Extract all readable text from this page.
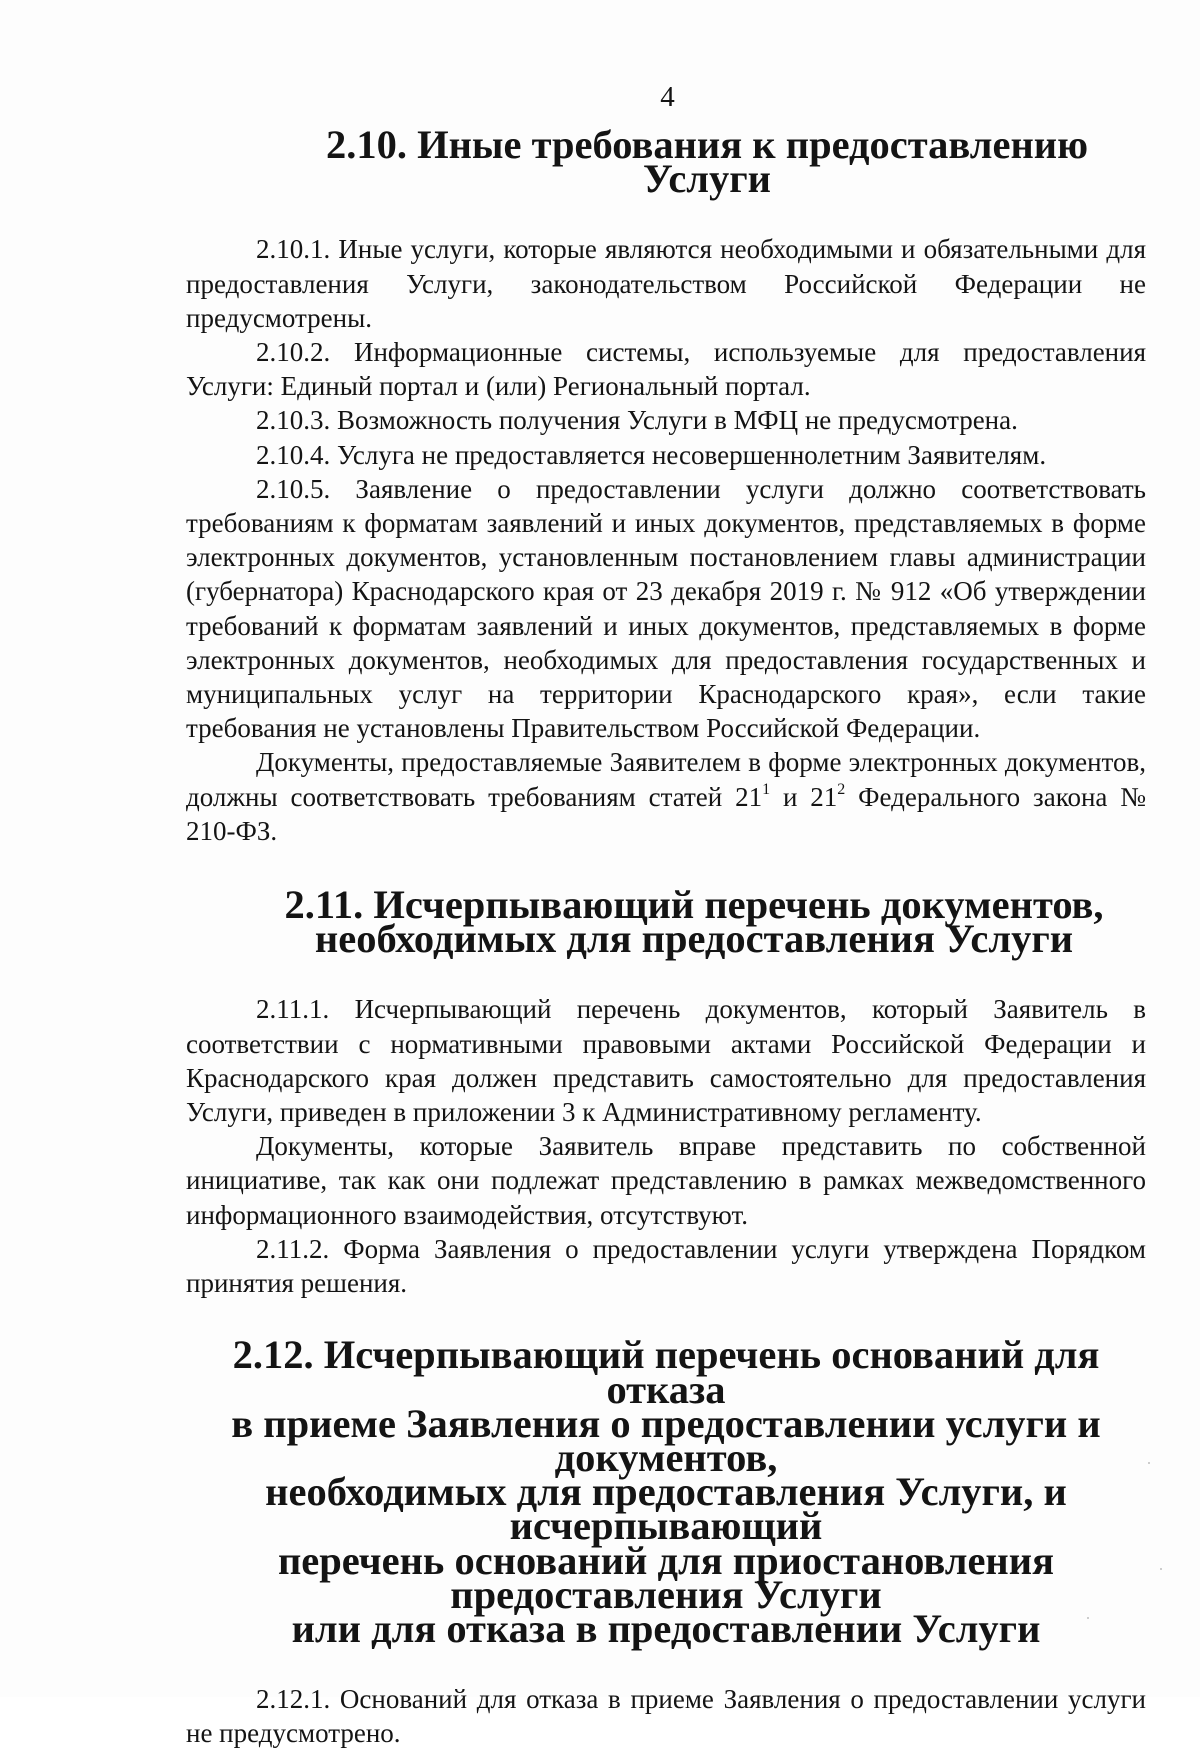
4
2.10. Иные требования к предоставлению Услуги

2.10.1. Иные услуги, которые являются необходимыми и обязательными для предоставления Услуги, законодательством Российской Федерации не предусмотрены.

2.10.2. Информационные системы, используемые для предоставления Услуги: Единый портал и (или) Региональный портал.

2.10.3. Возможность получения Услуги в МФЦ не предусмотрена.

2.10.4. Услуга не предоставляется несовершеннолетним Заявителям.

2.10.5. Заявление о предоставлении услуги должно соответствовать требованиям к форматам заявлений и иных документов, представляемых в форме электронных документов, установленным постановлением главы администрации (губернатора) Краснодарского края от 23 декабря 2019 г. № 912 «Об утверждении требований к форматам заявлений и иных документов, представляемых в форме электронных документов, необходимых для предоставления государственных и муниципальных услуг на территории Краснодарского края», если такие требования не установлены Правительством Российской Федерации.

Документы, предоставляемые Заявителем в форме электронных документов, должны соответствовать требованиям статей $21^1$ и $21^2$ Федерального закона № 210-ФЗ.

2.11. Исчерпывающий перечень документов,
необходимых для предоставления Услуги

2.11.1. Исчерпывающий перечень документов, который Заявитель в соответствии с нормативными правовыми актами Российской Федерации и Краснодарского края должен представить самостоятельно для предоставления Услуги, приведен в приложении 3 к Административному регламенту.

Документы, которые Заявитель вправе представить по собственной инициативе, так как они подлежат представлению в рамках межведомственного информационного взаимодействия, отсутствуют.

2.11.2. Форма Заявления о предоставлении услуги утверждена Порядком принятия решения.

2.12. Исчерпывающий перечень оснований для отказа
в приеме Заявления о предоставлении услуги и документов,
необходимых для предоставления Услуги, и исчерпывающий
перечень оснований для приостановления предоставления Услуги
или для отказа в предоставлении Услуги

2.12.1. Оснований для отказа в приеме Заявления о предоставлении услуги не предусмотрено.
